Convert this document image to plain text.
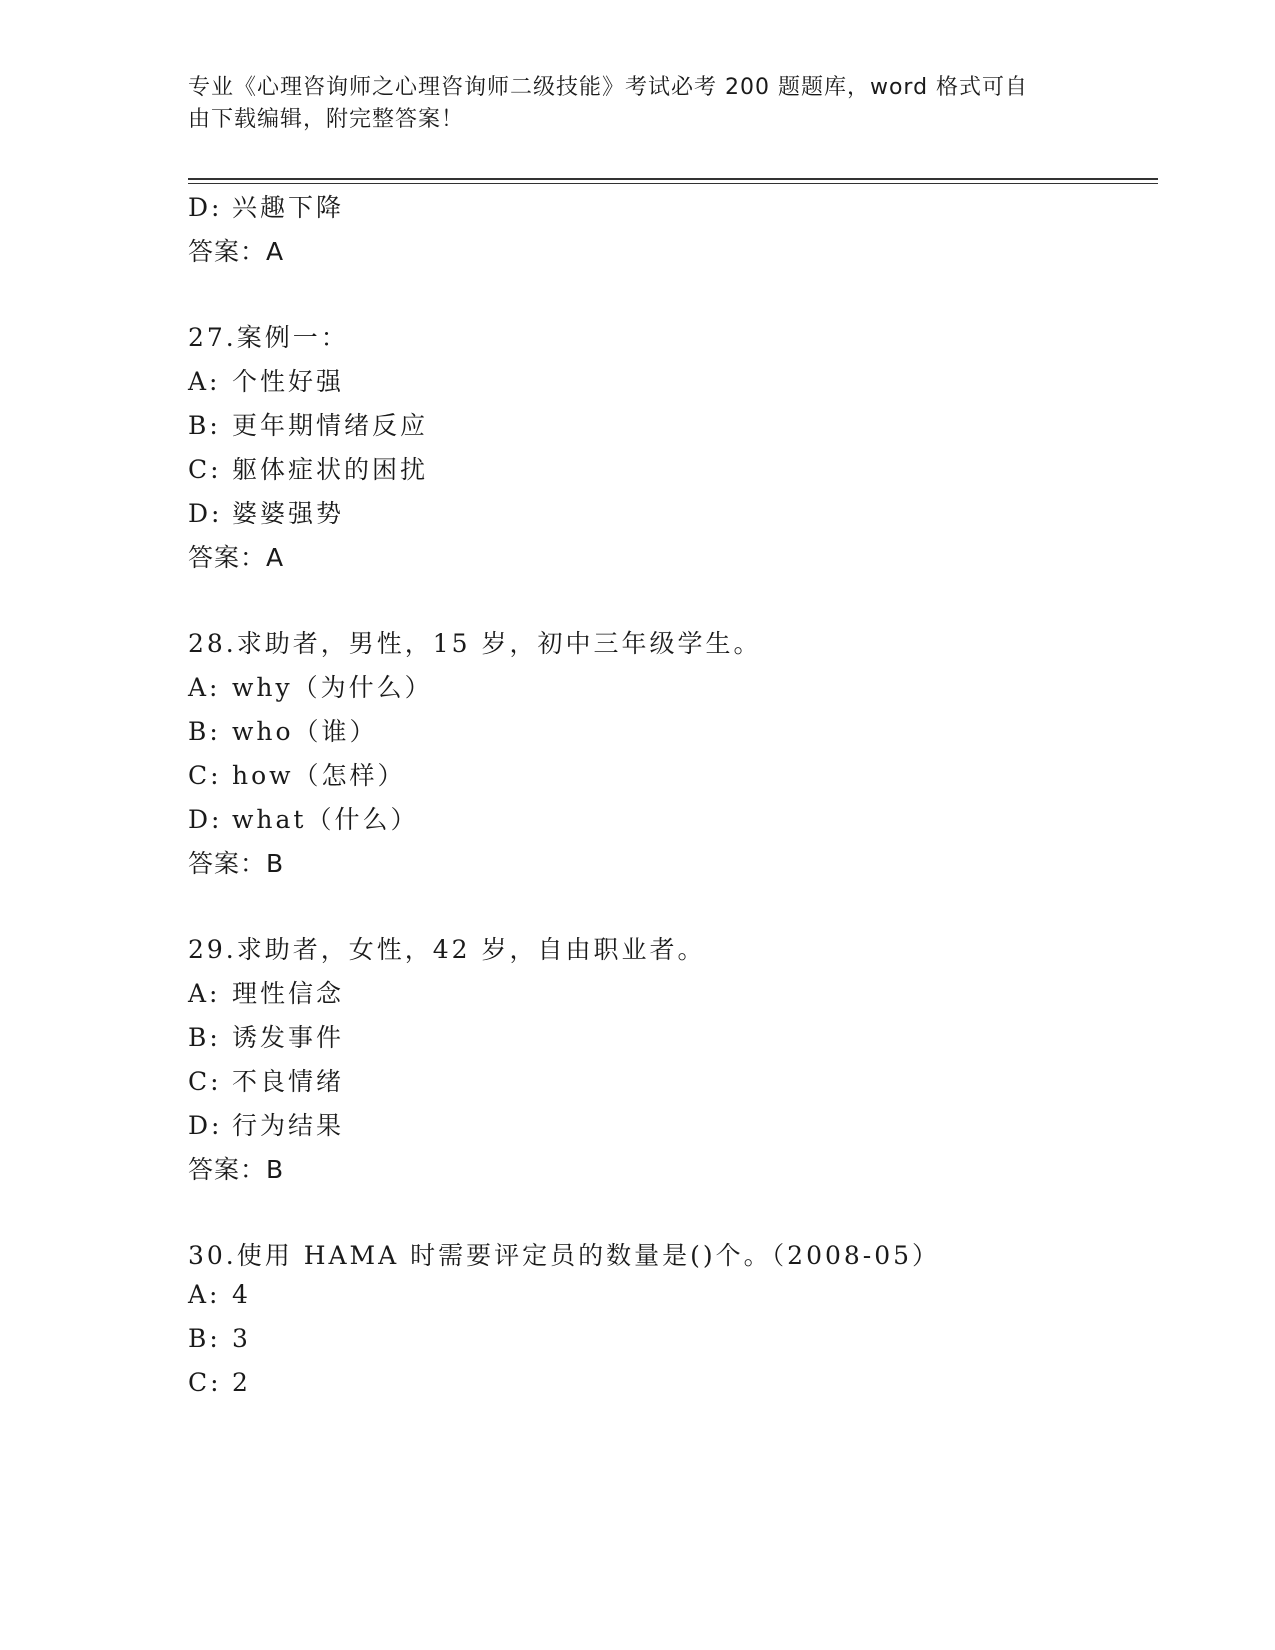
专业《心理咨询师之心理咨询师二级技能》考试必考 200 题题库，word 格式可自
由下载编辑，附完整答案！
D: 兴趣下降
答案：A
27.案例一：
A: 个性好强
B: 更年期情绪反应
C: 躯体症状的困扰
D: 婆婆强势
答案：A
28.求助者，男性，15 岁，初中三年级学生。
A: why（为什么）
B: who（谁）
C: how（怎样）
D: what（什么）
答案：B
29.求助者，女性，42 岁，自由职业者。
A: 理性信念
B: 诱发事件
C: 不良情绪
D: 行为结果
答案：B
30.使用 HAMA 时需要评定员的数量是()个。（2008-05）
A: 4
B: 3
C: 2
